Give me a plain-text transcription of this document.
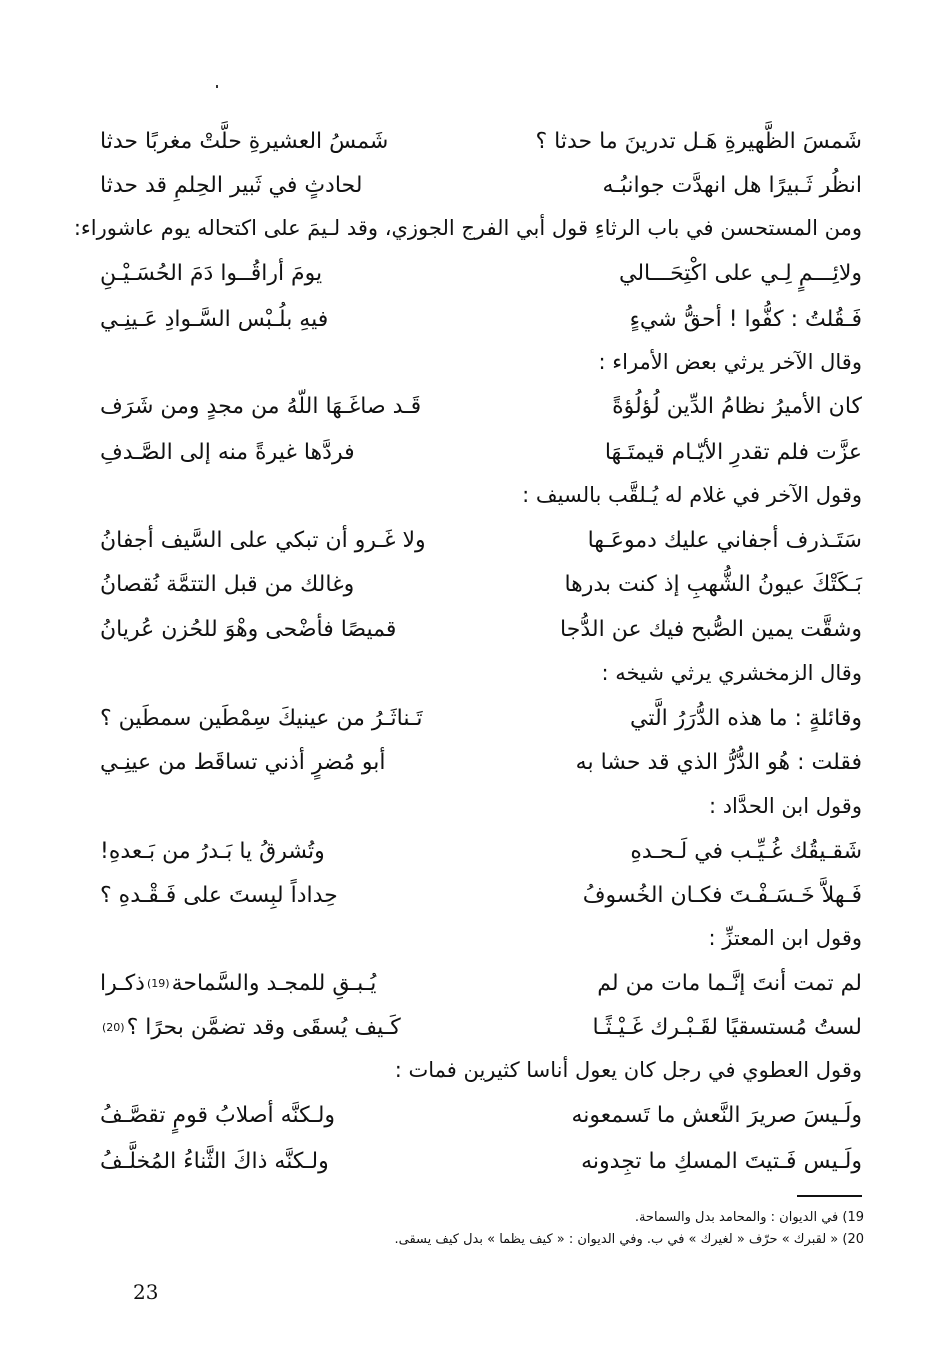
شَمسَ الظَّهيرةِ هَـل تدرينَ ما حدثا ؟
شَمسُ العشيرةِ حلَّتْ مغربًا حدثا
انظُر ثَـبيرًا هل انهدَّت جوانبُـه
لحادثٍ في ثَبير الحِلمِ قد حدثا
ومن المستحسن في باب الرثاءِ قول أبي الفرج الجوزي، وقد لـيمَ على اكتحاله يوم عاشوراء:
ولائِـــمٍ لِـي على اكْتِحَـــالي
يومَ أراقُــوا دَمَ الحُسَـيْـنِ
فَـقُلتُ : كفُّوا ! أحقُّ شيءٍ
فيهِ بلُـبْس السَّـوادِ عَـينِـي
وقال الآخر يرثي بعض الأمراء :
كان الأميرُ نظامُ الدِّين لُؤلُؤةً
قَـد صاغَـهَا اللّهُ من مجدٍ ومن شَرَف
عزَّت فلم تقدرِ الأيّـام قيمتَـهَا
فردَّها غيرةً منه إلى الصَّـدفِ
وقول الآخر في غلام له يُـلقَّب بالسيف :
سَتَـذرف أجفاني عليك دموعَـها
ولا غَـرو أن تبكي على السَّيف أجفانُ
بَـكَتْكَ عيونُ الشُّهبِ إذ كنت بدرها
وغالك من قبل التتمَّة نُقصانُ
وشقَّت يمين الصُّبح فيك عن الدُّجا
قميصًا فأضْحى وهْوَ للحُزن عُريانُ
وقال الزمخشري يرثي شيخه :
وقائلةٍ : ما هذه الدُّرَرُ الَّتي
تَـناثَـرُ من عينيكَ سِمْطَين سمطَين ؟
فقلت : هُو الدُّرُّ الذي قد حشا به
أبو مُضرٍ أذني تساقَط من عينِـي
وقول ابن الحدَّاد :
شَقـيقُك غُـيِّـب في لَـحـدهِ
وتُشرقُ يا بَـدرُ من بَـعدهِ!
فَـهلاَّ خَـسَـفْـتَ فكـان الخُسوفُ
حِداداً لبِستَ على فَـقْـدهِ ؟
وقول ابن المعتزِّ :
لم تمت أنتَ إنَّـما مات من لم
يُـبـقِ للمجـد والسَّماحة
(19)
ذكـرا
لستُ مُستسقيًا لقَـبْـرك غَـيْـثًـا
كَـيف يُسقَى وقد تضمَّن بحرًا ؟
(20)
وقول العطوي في رجل كان يعول أناسا كثيرين فمات :
ولَـيسَ صريرَ النَّعش ما تَسمعونه
ولـكنَّه أصلابُ قومٍ تقصَّـفُ
ولَـيس فَـتيتَ المسكِ ما تجِدونه
ولـكنَّه ذاكَ الثَّناءُ المُخلَّـفُ
19) في الديوان : والمحامد بدل والسماحة.
20) « لقبرك » حرّف « لغيرك » في ب. وفي الديوان : « كيف يظما » بدل كيف يسقى.
23
